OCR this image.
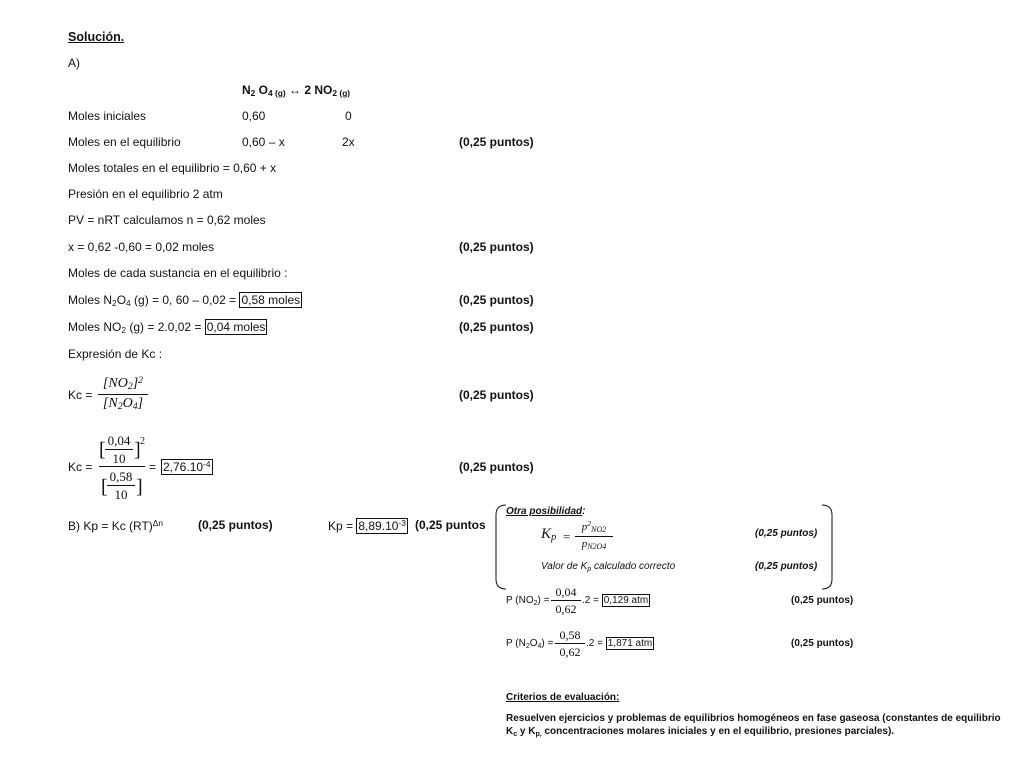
Solución.
A)
$N_2$ $O_4$ $_{(g)}$ ↔ 2 $NO_2$ $_{(g)}$
Moles iniciales	0,60	0
Moles en el equilibrio	0,60 – x	2x	(0,25 puntos)
Moles totales en el equilibrio = 0,60 + x
Presión en el equilibrio 2 atm
PV = nRT calculamos n = 0,62 moles
x = 0,62 -0,60 = 0,02 moles	(0,25 puntos)
Moles de cada sustancia en el equilibrio :
Moles $N_2O_4$ (g) = 0, 60 – 0,02 = 0,58 moles	(0,25 puntos)
Moles $NO_2$ (g) = 2.0,02 = 0,04 moles	(0,25 puntos)
Expresión de Kc :
Kc =
$[NO_2]^2$
$[N_2O_4]$
(0,25 puntos)
Kc =
[ 0,04
10 ] 2
[ 0,58
10 ]
= $2,76.10^{-4}$	(0,25 puntos)
B) Kp = Kc (RT)$^{\Delta n}$	(0,25 puntos)	$Kp = 8,89.10^{-3}$ (0,25 puntos
Otra posibilidad:
$K_p$ =
$p^2_{NO2}$
$p_{N2O4}$
(0,25 puntos)
Valor de $K_p$ calculado correcto	(0,25 puntos)
P $(NO_2)$ =
0,04
0,62
.2 = 0,129 atm	(0,25 puntos)
P $(N_2O_4)$ =
0,58
0,62
.2 = 1,871 atm	(0,25 puntos)
Criterios de evaluación:
Resuelven ejercicios y problemas de equilibrios homogéneos en fase gaseosa (constantes de equilibrio
$K_c$ y $K_{p,}$ concentraciones molares iniciales y en el equilibrio, presiones parciales).
